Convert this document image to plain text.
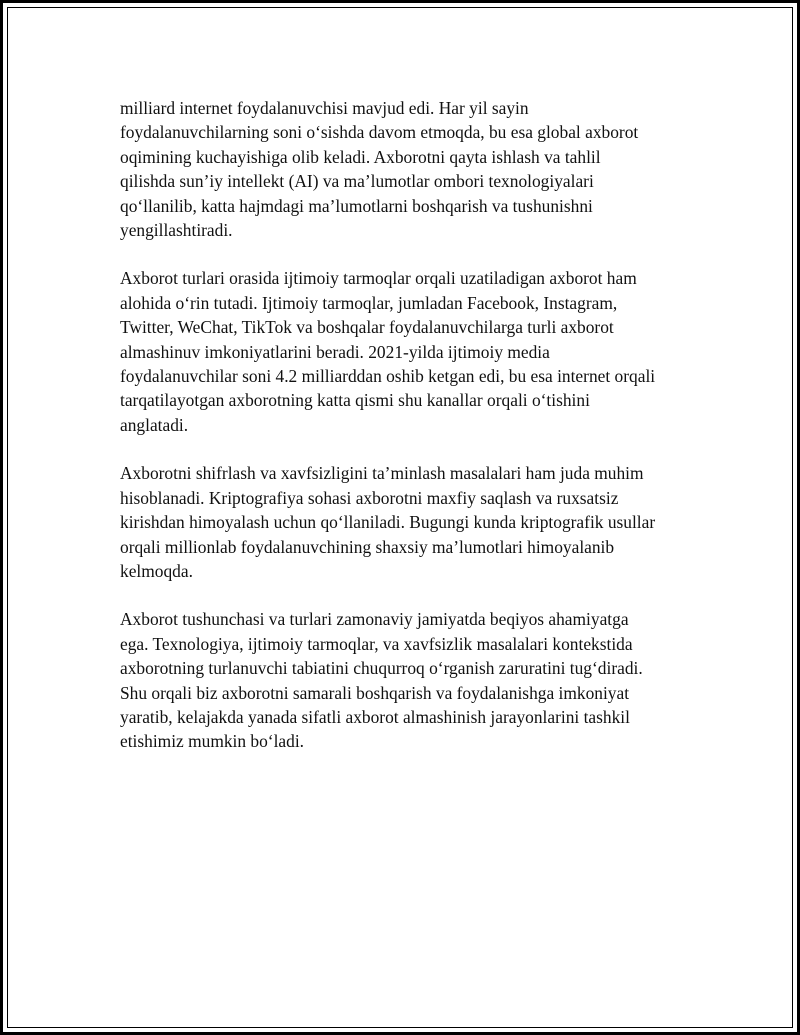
milliard internet foydalanuvchisi mavjud edi. Har yil sayin
foydalanuvchilarning soni o‘sishda davom etmoqda, bu esa global axborot
oqimining kuchayishiga olib keladi. Axborotni qayta ishlash va tahlil
qilishda sun’iy intellekt (AI) va ma’lumotlar ombori texnologiyalari
qo‘llanilib, katta hajmdagi ma’lumotlarni boshqarish va tushunishni
yengillashtiradi.

Axborot turlari orasida ijtimoiy tarmoqlar orqali uzatiladigan axborot ham
alohida o‘rin tutadi. Ijtimoiy tarmoqlar, jumladan Facebook, Instagram,
Twitter, WeChat, TikTok va boshqalar foydalanuvchilarga turli axborot
almashinuv imkoniyatlarini beradi. 2021-yilda ijtimoiy media
foydalanuvchilar soni 4.2 milliarddan oshib ketgan edi, bu esa internet orqali
tarqatilayotgan axborotning katta qismi shu kanallar orqali o‘tishini
anglatadi.

Axborotni shifrlash va xavfsizligini ta’minlash masalalari ham juda muhim
hisoblanadi. Kriptografiya sohasi axborotni maxfiy saqlash va ruxsatsiz
kirishdan himoyalash uchun qo‘llaniladi. Bugungi kunda kriptografik usullar
orqali millionlab foydalanuvchining shaxsiy ma’lumotlari himoyalanib
kelmoqda.

Axborot tushunchasi va turlari zamonaviy jamiyatda beqiyos ahamiyatga
ega. Texnologiya, ijtimoiy tarmoqlar, va xavfsizlik masalalari kontekstida
axborotning turlanuvchi tabiatini chuqurroq o‘rganish zaruratini tug‘diradi.
Shu orqali biz axborotni samarali boshqarish va foydalanishga imkoniyat
yaratib, kelajakda yanada sifatli axborot almashinish jarayonlarini tashkil
etishimiz mumkin bo‘ladi.
